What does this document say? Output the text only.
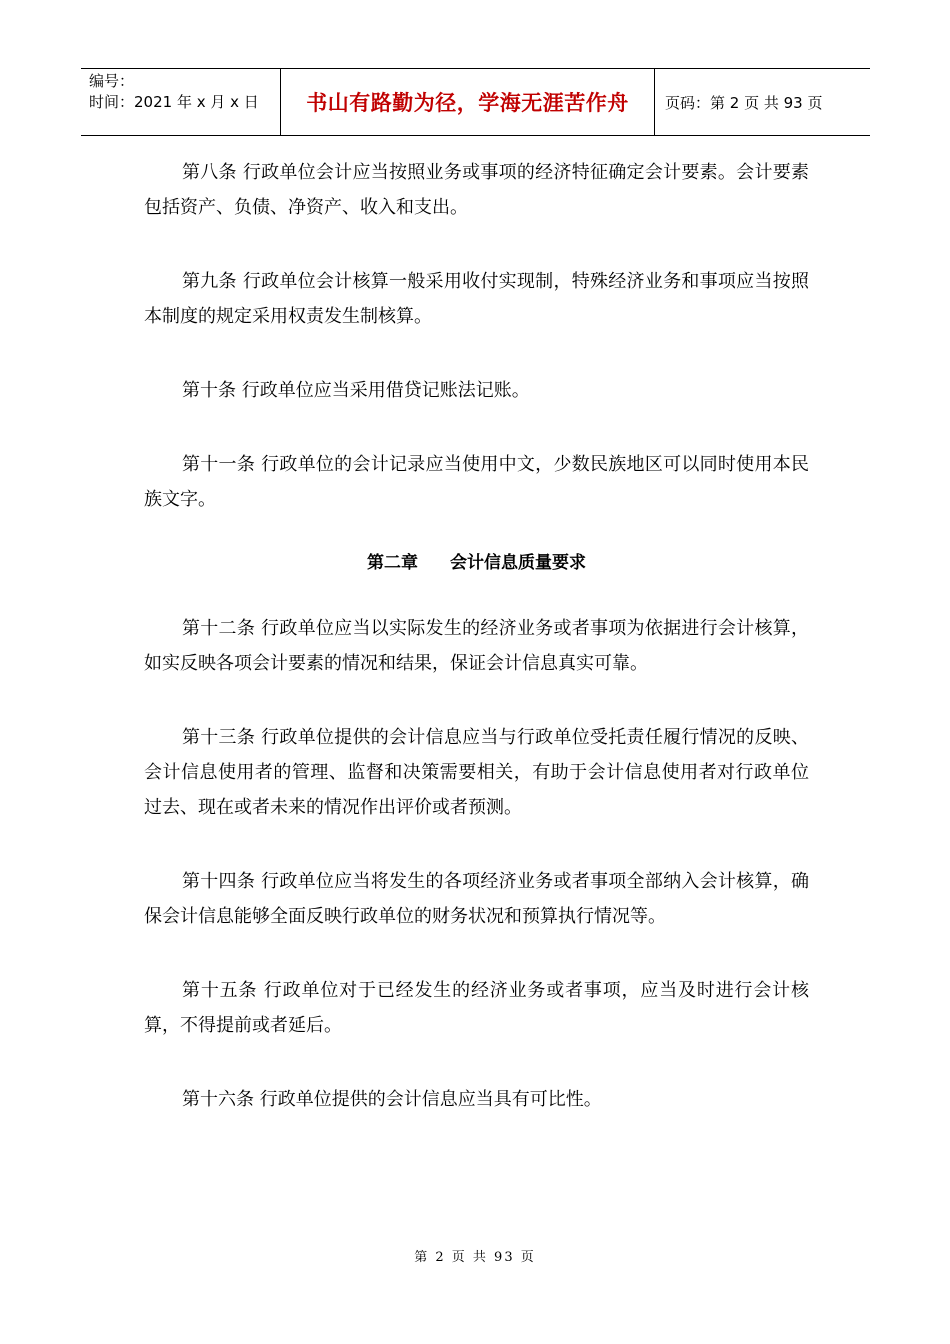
编号：
时间：2021 年 x 月 x 日	书山有路勤为径，学海无涯苦作舟	页码：第 2 页 共 93 页

第八条 行政单位会计应当按照业务或事项的经济特征确定会计要素。会计要素包括资产、负债、净资产、收入和支出。

第九条 行政单位会计核算一般采用收付实现制，特殊经济业务和事项应当按照本制度的规定采用权责发生制核算。

第十条 行政单位应当采用借贷记账法记账。

第十一条 行政单位的会计记录应当使用中文，少数民族地区可以同时使用本民族文字。

第二章 会计信息质量要求

第十二条 行政单位应当以实际发生的经济业务或者事项为依据进行会计核算，如实反映各项会计要素的情况和结果，保证会计信息真实可靠。

第十三条 行政单位提供的会计信息应当与行政单位受托责任履行情况的反映、会计信息使用者的管理、监督和决策需要相关，有助于会计信息使用者对行政单位过去、现在或者未来的情况作出评价或者预测。

第十四条 行政单位应当将发生的各项经济业务或者事项全部纳入会计核算，确保会计信息能够全面反映行政单位的财务状况和预算执行情况等。

第十五条 行政单位对于已经发生的经济业务或者事项，应当及时进行会计核算，不得提前或者延后。

第十六条 行政单位提供的会计信息应当具有可比性。

第 2 页 共 93 页
